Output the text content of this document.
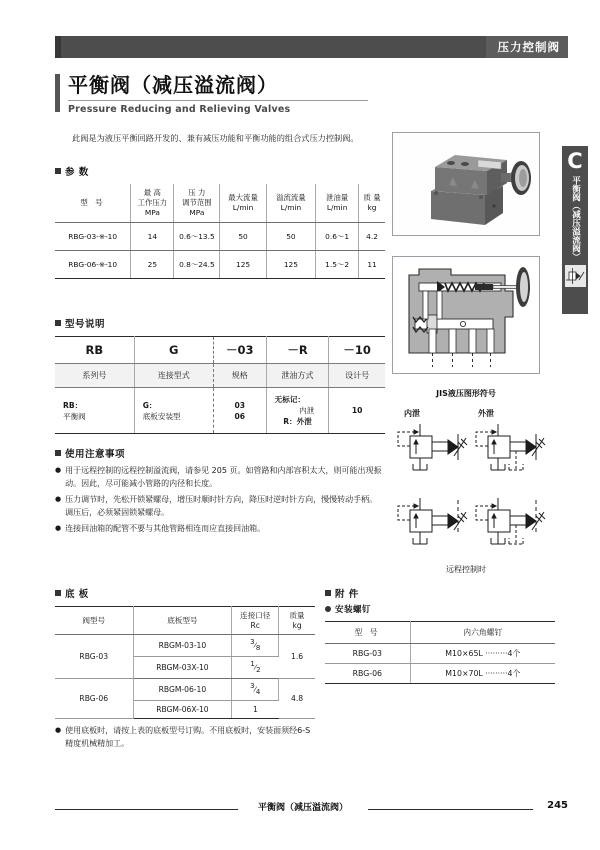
压力控制阀
平衡阀（减压溢流阀）
Pressure Reducing and Relieving Valves
此阀是为液压平衡回路开发的、兼有减压功能和平衡功能的组合式压力控制阀。
参 数
型 号

最 高
工作压力
MPa

压 力
调节范围
MPa

最大流量
L/min

溢流流量
L/min

泄油量
L/min

质 量
kg

RBG-03-※-10	14	0.6～13.5	50	50	0.6～1	4.2
RBG-06-※-10	25	0.8～24.5	125	125	1.5～2	11
型号说明
RB	G	－03	－R	－10
系列号	连接型式	规格	泄油方式	设计号

RB：
平衡阀

G：
底板安装型

03
06

无标记：
内泄
R：外泄

10
使用注意事项
● 用于远程控制的远程控制溢流阀，请参见 205 页。如管路和内部容积太大，则可能出现振动。因此，尽可能减小管路的内径和长度。
● 压力调节时，先松开锁紧螺母，增压时顺时针方向，降压时逆时针方向，慢慢转动手柄。调压后，必须紧固锁紧螺母。
● 连接回油箱的配管不要与其他管路相连而应直接回油箱。
底 板
阀型号	底板型号	
连接口径
Rc

质量
kg

RBG-03	RBGM-03-10	$^3⁄_8$	1.6
	RBGM-03X-10	$^1⁄_2$
RBG-06	RBGM-06-10	$^3⁄_4$	4.8
	RBGM-06X-10	1	
● 使用底板时，请按上表的底板型号订购。不用底板时，安装面须经6-S精度机械精加工。
附 件
安装螺钉
型 号	内六角螺钉
RBG-03	M10×65L ·········4个
RBG-06	M10×70L ·········4个
JIS液压图形符号
内泄	外泄
远程控制时
C
平衡阀（减压溢流阀）
平衡阀（减压溢流阀）	245
